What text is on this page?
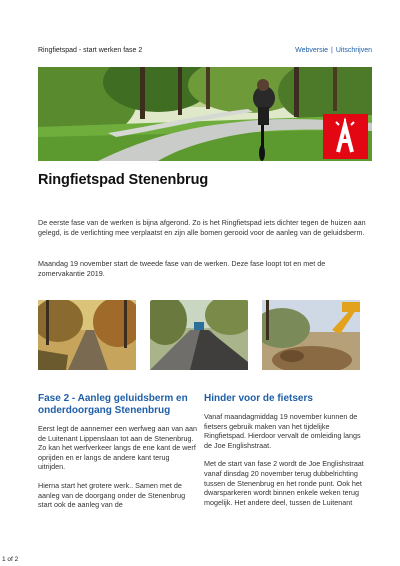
Ringfietspad - start werken fase 2	Webversie | Uitschrijven
Ringfietspad Stenenbrug

De eerste fase van de werken is bijna afgerond. Zo is het Ringfietspad iets dichter tegen de huizen aan gelegd, is de verlichting mee verplaatst en zijn alle bomen gerooid voor de aanleg van de geluidsberm.

Maandag 19 november start de tweede fase van de werken. Deze fase loopt tot en met de zomervakantie 2019.

Fase 2 - Aanleg geluidsberm en onderdoorgang Stenenbrug

Eerst legt de aannemer een werfweg aan van aan de Luitenant Lippenslaan tot aan de Stenenbrug. Zo kan het werfverkeer langs de ene kant de werf oprijden en er langs de andere kant terug uitrijden.

Hierna start het grotere werk.. Samen met de aanleg van de doorgang onder de Stenenbrug start ook de aanleg van de

Hinder voor de fietsers

Vanaf maandagmiddag 19 november kunnen de fietsers gebruik maken van het tijdelijke Ringfietspad. Hierdoor vervalt de omleiding langs de Joe Englishstraat.

Met de start van fase 2 wordt de Joe Englishstraat vanaf dinsdag 20 november terug dubbelrichting tussen de Stenenbrug en het ronde punt. Ook het dwarsparkeren wordt binnen enkele weken terug mogelijk. Het andere deel, tussen de Luitenant

1 of 2
